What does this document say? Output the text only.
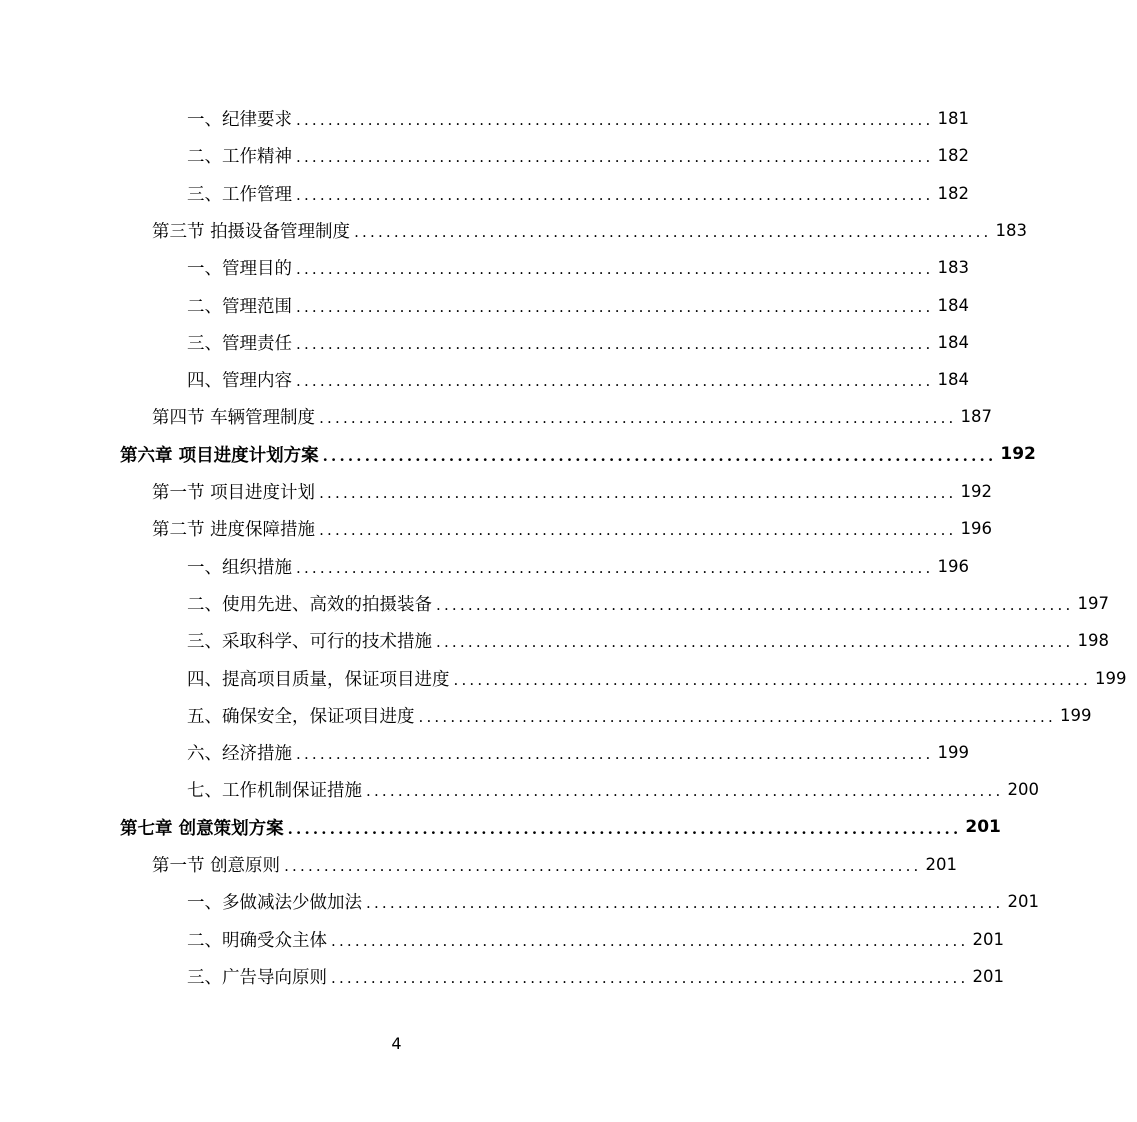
一、纪律要求 ................................................................................ 181
二、工作精神 ................................................................................ 182
三、工作管理 ................................................................................ 182
第三节 拍摄设备管理制度 ................................................................................ 183
一、管理目的 ................................................................................ 183
二、管理范围 ................................................................................ 184
三、管理责任 ................................................................................ 184
四、管理内容 ................................................................................ 184
第四节 车辆管理制度 ................................................................................ 187
第六章 项目进度计划方案 ................................................................................ 192
第一节 项目进度计划 ................................................................................ 192
第二节 进度保障措施 ................................................................................ 196
一、组织措施 ................................................................................ 196
二、使用先进、高效的拍摄装备 ................................................................................ 197
三、采取科学、可行的技术措施 ................................................................................ 198
四、提高项目质量，保证项目进度 ................................................................................ 199
五、确保安全，保证项目进度 ................................................................................ 199
六、经济措施 ................................................................................ 199
七、工作机制保证措施 ................................................................................ 200
第七章 创意策划方案 ................................................................................ 201
第一节 创意原则 ................................................................................ 201
一、多做减法少做加法 ................................................................................ 201
二、明确受众主体 ................................................................................ 201
三、广告导向原则 ................................................................................ 201
4
